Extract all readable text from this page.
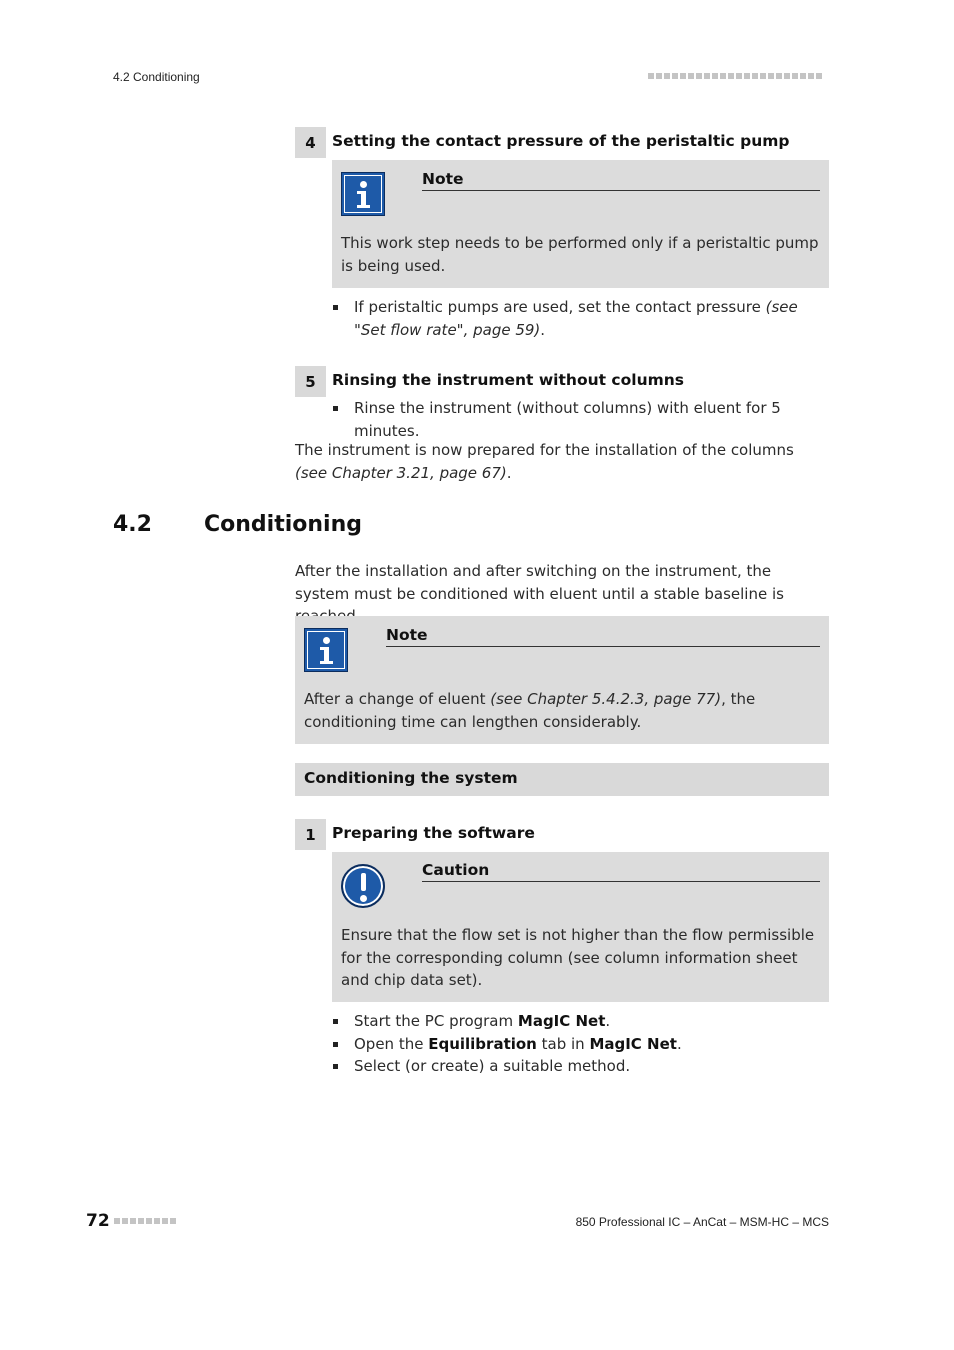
4.2 Conditioning
4	Setting the contact pressure of the peristaltic pump
Note
This work step needs to be performed only if a peristaltic pump is being used.
If peristaltic pumps are used, set the contact pressure (see "Set flow rate", page 59).
5	Rinsing the instrument without columns
Rinse the instrument (without columns) with eluent for 5 minutes.
The instrument is now prepared for the installation of the columns (see Chapter 3.21, page 67).
4.2 Conditioning
After the installation and after switching on the instrument, the system must be conditioned with eluent until a stable baseline is
Note
After a change of eluent (see Chapter 5.4.2.3, page 77), the conditioning time can lengthen considerably.
Conditioning the system
1	Preparing the software
Caution
Ensure that the flow set is not higher than the flow permissible for the corresponding column (see column information sheet and chip data set).
Start the PC program MagIC Net.
Open the Equilibration tab in MagIC Net.
Select (or create) a suitable method.
72	850 Professional IC – AnCat – MSM-HC – MCS
